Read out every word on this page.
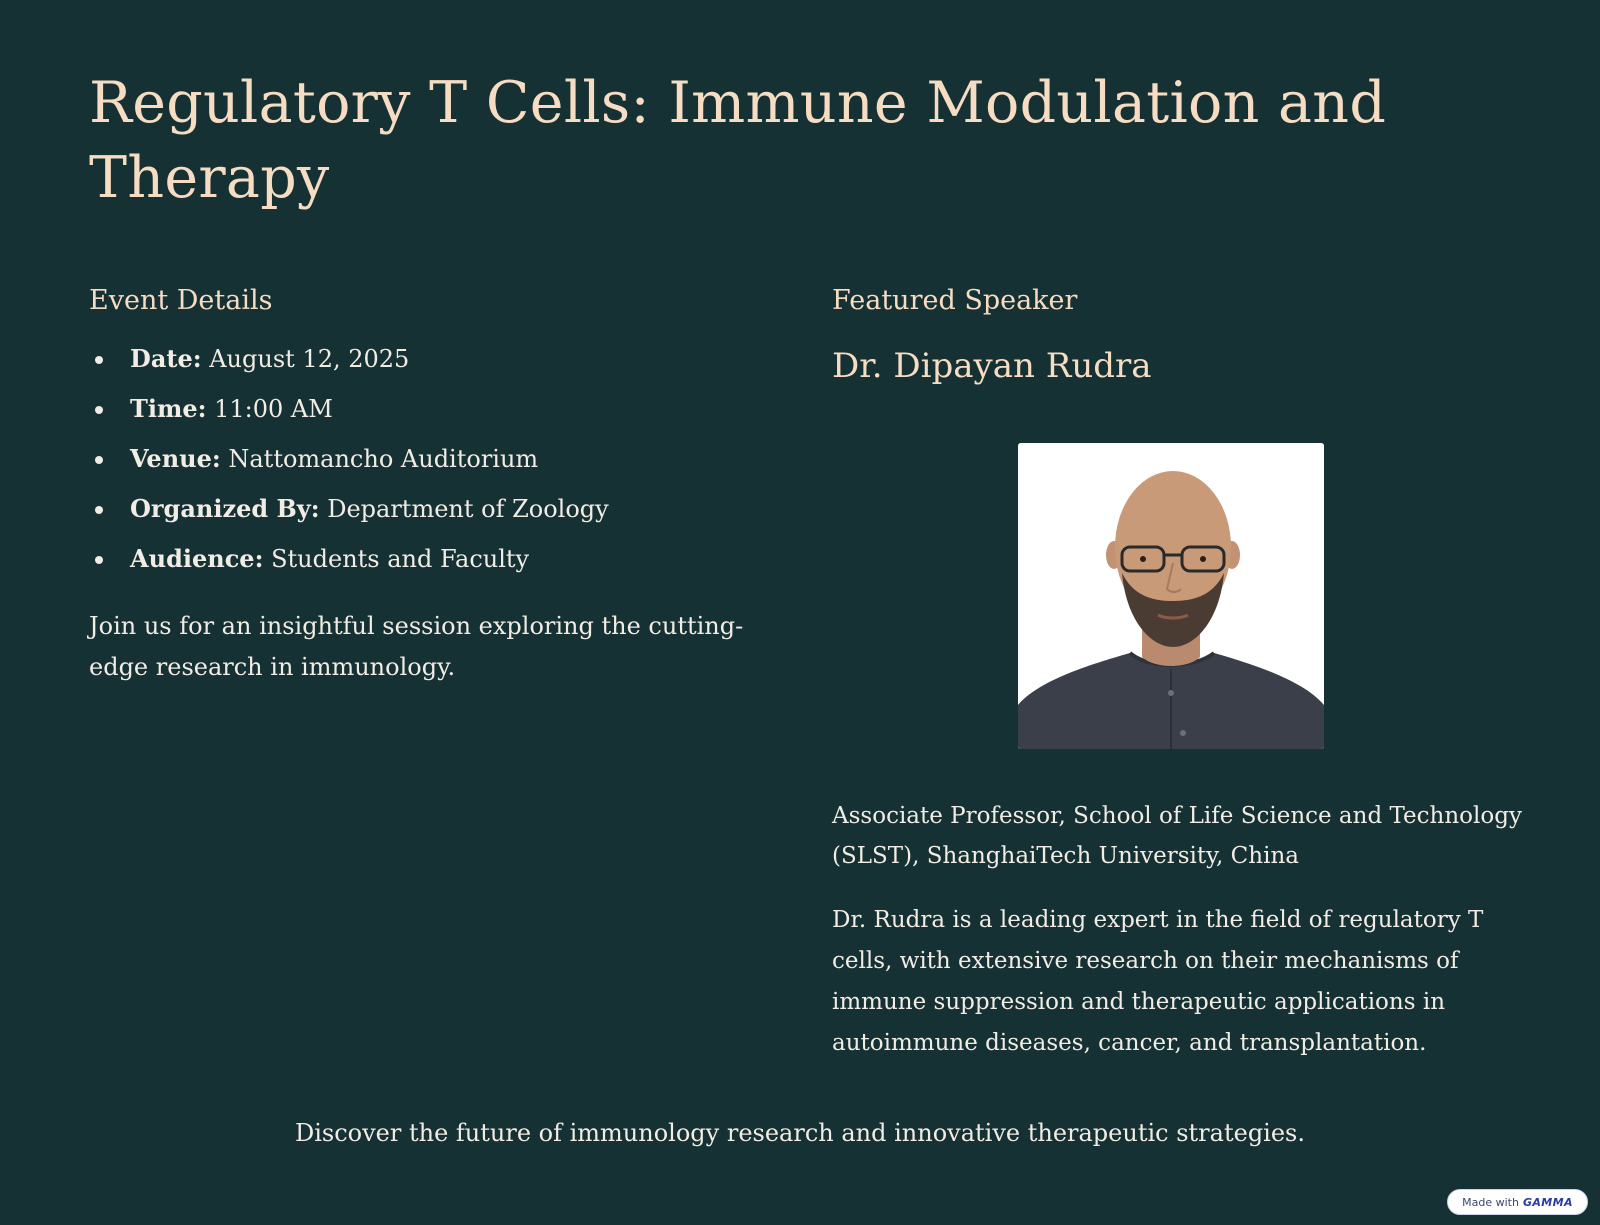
Regulatory T Cells: Immune Modulation and Therapy
Event Details
Date: August 12, 2025
Time: 11:00 AM
Venue: Nattomancho Auditorium
Organized By: Department of Zoology
Audience: Students and Faculty

Join us for an insightful session exploring the cutting-edge research in immunology.

Featured Speaker
Dr. Dipayan Rudra

Associate Professor, School of Life Science and Technology (SLST), ShanghaiTech University, China

Dr. Rudra is a leading expert in the field of regulatory T cells, with extensive research on their mechanisms of immune suppression and therapeutic applications in autoimmune diseases, cancer, and transplantation.

Discover the future of immunology research and innovative therapeutic strategies.

Made with GAMMA
